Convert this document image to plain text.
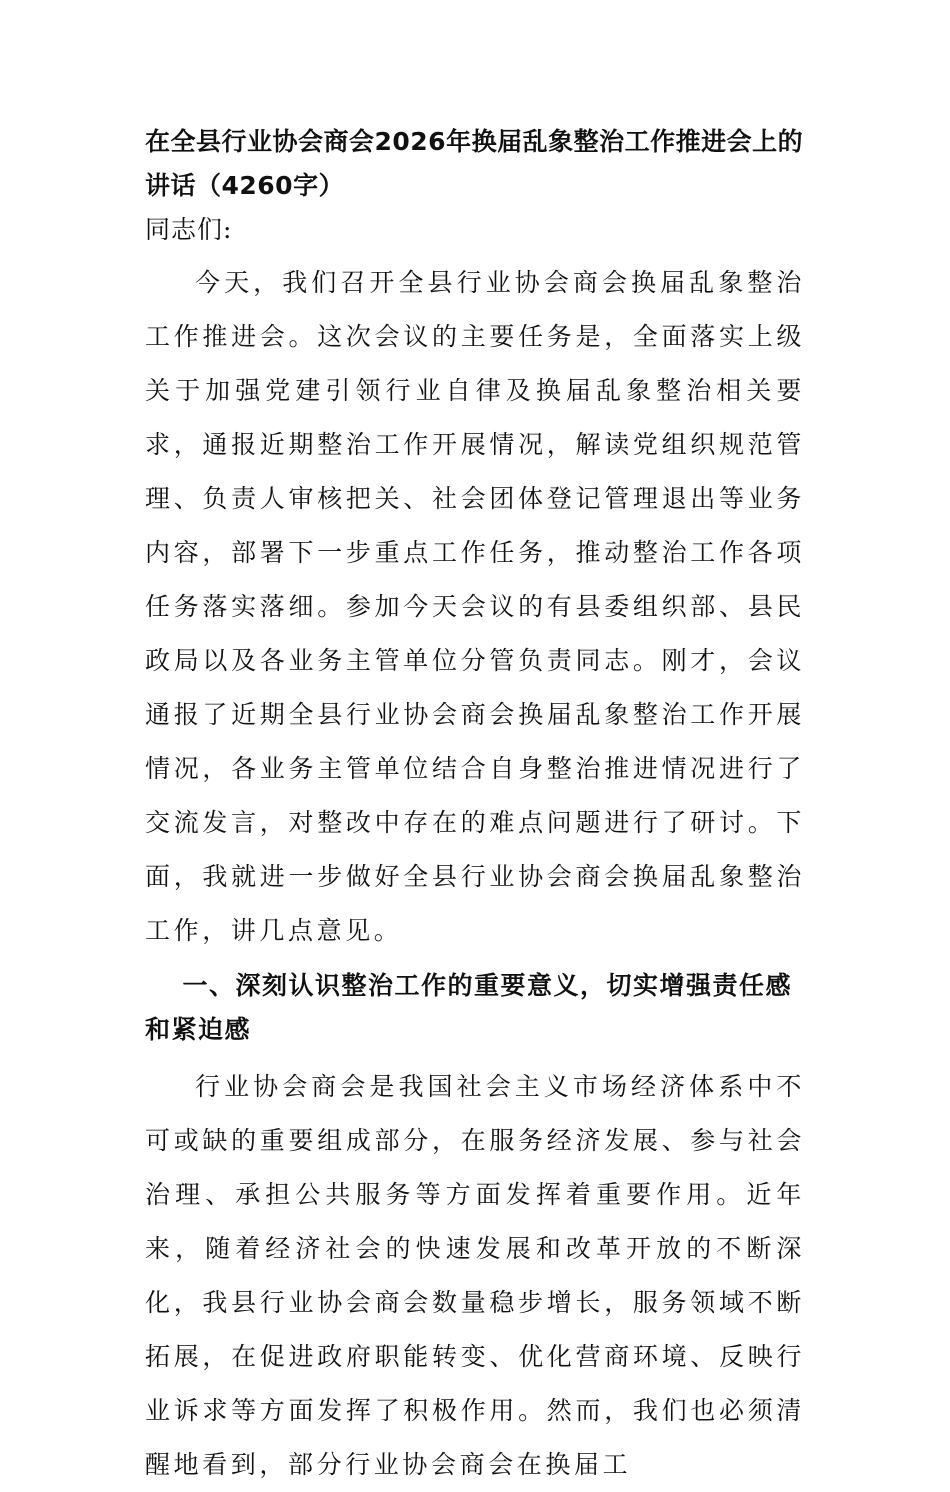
在全县行业协会商会2026年换届乱象整治工作推进会上的讲话（4260字）

同志们:

今天，我们召开全县行业协会商会换届乱象整治工作推进会。这次会议的主要任务是，全面落实上级关于加强党建引领行业自律及换届乱象整治相关要求，通报近期整治工作开展情况，解读党组织规范管理、负责人审核把关、社会团体登记管理退出等业务内容，部署下一步重点工作任务，推动整治工作各项任务落实落细。参加今天会议的有县委组织部、县民政局以及各业务主管单位分管负责同志。刚才，会议通报了近期全县行业协会商会换届乱象整治工作开展情况，各业务主管单位结合自身整治推进情况进行了交流发言，对整改中存在的难点问题进行了研讨。下面，我就进一步做好全县行业协会商会换届乱象整治工作，讲几点意见。

一、深刻认识整治工作的重要意义，切实增强责任感和紧迫感

行业协会商会是我国社会主义市场经济体系中不可或缺的重要组成部分，在服务经济发展、参与社会治理、承担公共服务等方面发挥着重要作用。近年来，随着经济社会的快速发展和改革开放的不断深化，我县行业协会商会数量稳步增长，服务领域不断拓展，在促进政府职能转变、优化营商环境、反映行业诉求等方面发挥了积极作用。然而，我们也必须清醒地看到，部分行业协会商会在换届工
